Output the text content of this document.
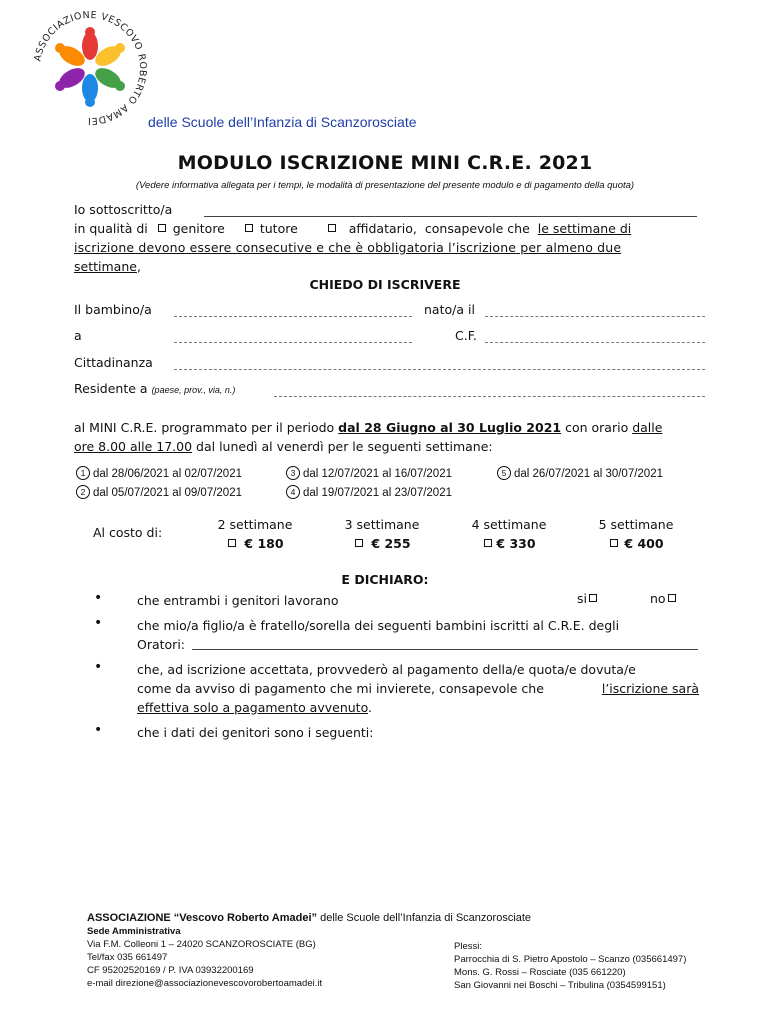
ASSOCIAZIONE VESCOVO ROBERTO AMADEI	delle Scuole dell’Infanzia di Scanzorosciate
MODULO ISCRIZIONE MINI C.R.E. 2021
(Vedere informativa allegata per i tempi, le modalità di presentazione del presente modulo e di pagamento della quota)
Io sottoscritto/a
in qualità di genitore	tutore	affidatario, consapevole che le settimane di
iscrizione devono essere consecutive e che è obbligatoria l’iscrizione per almeno due
settimane,
CHIEDO DI ISCRIVERE
Il bambino/a	nato/a il
a	C.F.
Cittadinanza
Residente a (paese, prov., via, n.)
al MINI C.R.E. programmato per il periodo dal 28 Giugno al 30 Luglio 2021 con orario dalle
ore 8.00 alle 17.00 dal lunedì al venerdì per le seguenti settimane:
1 dal 28/06/2021 al 02/07/2021
2 dal 05/07/2021 al 09/07/2021
3 dal 12/07/2021 al 16/07/2021
4 dal 19/07/2021 al 23/07/2021
5 dal 26/07/2021 al 30/07/2021
Al costo di:
2 settimane
€ 180
3 settimane
€ 255
4 settimane
€ 330
5 settimane
€ 400
E DICHIARO:
•	che entrambi i genitori lavorano	si	no
•	che mio/a figlio/a è fratello/sorella dei seguenti bambini iscritti al C.R.E. degli
Oratori:
•	che, ad iscrizione accettata, provvederò al pagamento della/e quota/e dovuta/e
come da avviso di pagamento che mi invierete, consapevole che	l’iscrizione sarà
effettiva solo a pagamento avvenuto.
•	che i dati dei genitori sono i seguenti:
ASSOCIAZIONE “Vescovo Roberto Amadei” delle Scuole dell’Infanzia di Scanzorosciate
Sede Amministrativa
Via F.M. Colleoni 1 – 24020 SCANZOROSCIATE (BG)
Tel/fax 035 661497
CF 95202520169 / P. IVA 03932200169
e-mail direzione@associazionevescovorobertoamadei.it
Plessi:
Parrocchia di S. Pietro Apostolo – Scanzo (035661497)
Mons. G. Rossi – Rosciate (035 661220)
San Giovanni nei Boschi – Tribulina (0354599151)
